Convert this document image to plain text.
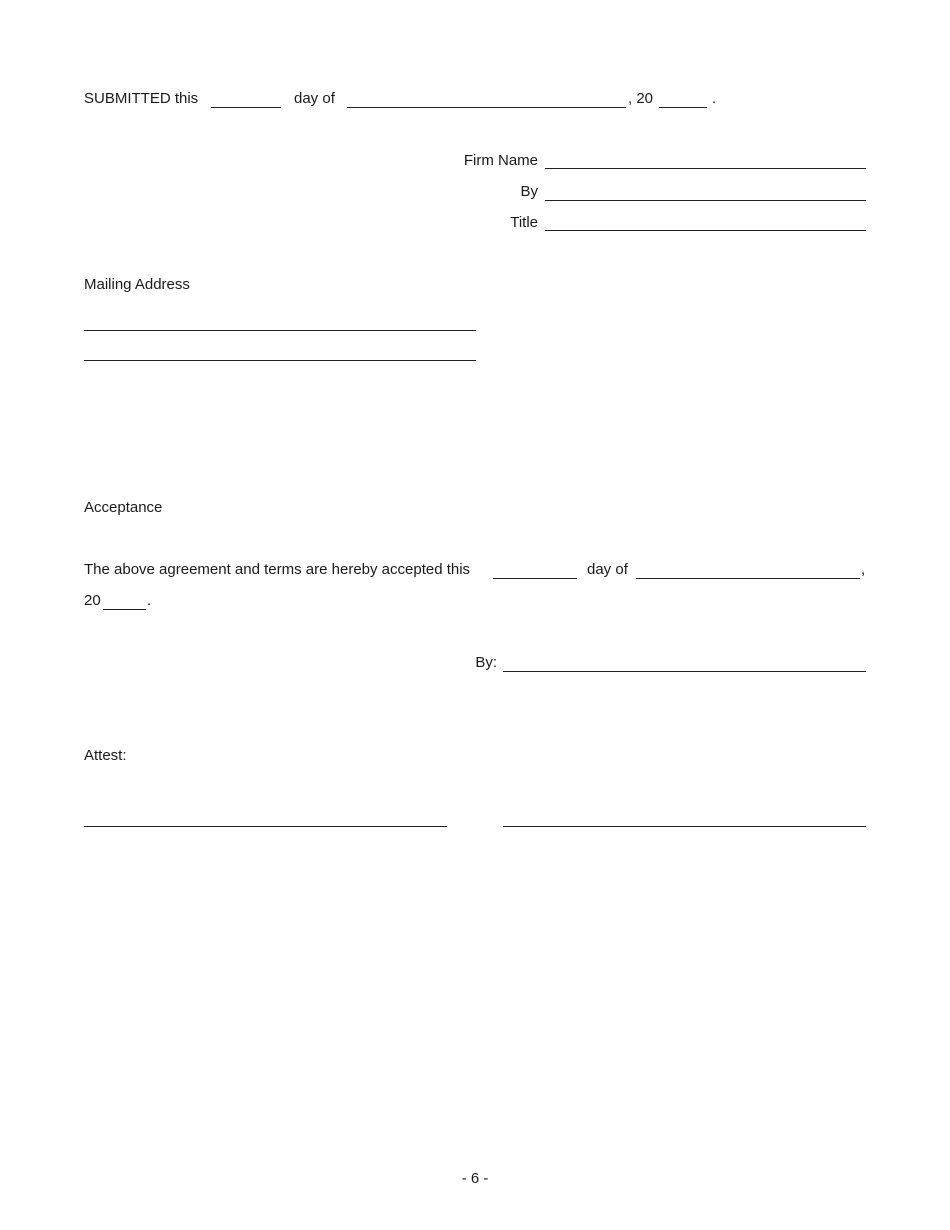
SUBMITTED this	day of	, 20	.
Firm Name
By
Title
Mailing Address
Acceptance
The above agreement and terms are hereby accepted this	day of	,
20	.
By:
Attest:
- 6 -
